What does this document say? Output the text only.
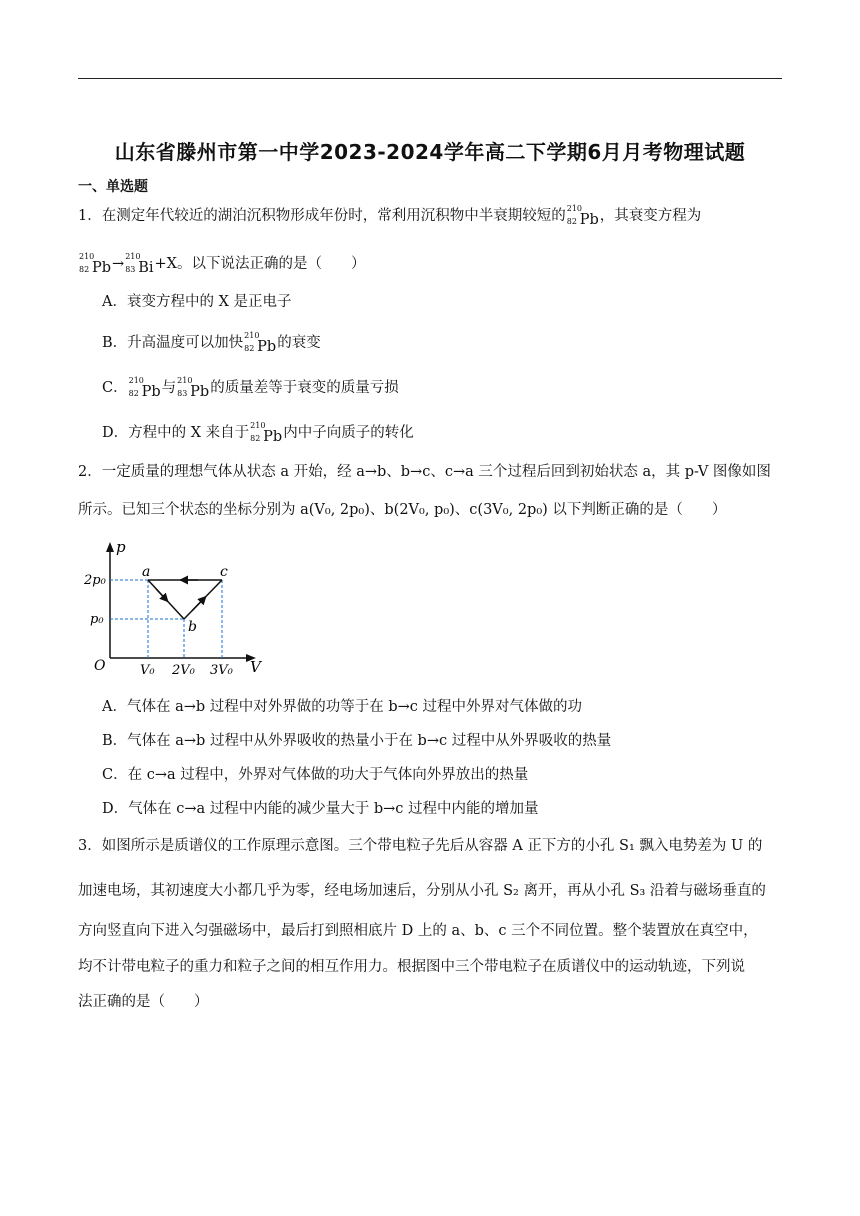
山东省滕州市第一中学2023-2024学年高二下学期6月月考物理试题
一、单选题
1．在测定年代较近的湖泊沉积物形成年份时，常利用沉积物中半衰期较短的 210
82 Pb，其衰变方程为
210
82 Pb→ 210
83 Bi+X。以下说法正确的是（　　）
A．衰变方程中的 X 是正电子
B．升高温度可以加快 210
82 Pb的衰变
C． 210
82 Pb与 210
83 Pb的质量差等于衰变的质量亏损
D．方程中的 X 来自于 210
82 Pb内中子向质子的转化
2．一定质量的理想气体从状态 a 开始，经 a→b、b→c、c→a 三个过程后回到初始状态 a，其 p-V 图像如图
所示。已知三个状态的坐标分别为 a(V₀, 2p₀)、b(2V₀, p₀)、c(3V₀, 2p₀) 以下判断正确的是（　　）
p
V
O
2p₀
p₀
V₀ 2V₀ 3V₀
a
b
c
A．气体在 a→b 过程中对外界做的功等于在 b→c 过程中外界对气体做的功
B．气体在 a→b 过程中从外界吸收的热量小于在 b→c 过程中从外界吸收的热量
C．在 c→a 过程中，外界对气体做的功大于气体向外界放出的热量
D．气体在 c→a 过程中内能的减少量大于 b→c 过程中内能的增加量
3．如图所示是质谱仪的工作原理示意图。三个带电粒子先后从容器 A 正下方的小孔 S₁ 飘入电势差为 U 的
加速电场，其初速度大小都几乎为零，经电场加速后，分别从小孔 S₂ 离开，再从小孔 S₃ 沿着与磁场垂直的
方向竖直向下进入匀强磁场中，最后打到照相底片 D 上的 a、b、c 三个不同位置。整个装置放在真空中，
均不计带电粒子的重力和粒子之间的相互作用力。根据图中三个带电粒子在质谱仪中的运动轨迹，下列说
法正确的是（　　）
